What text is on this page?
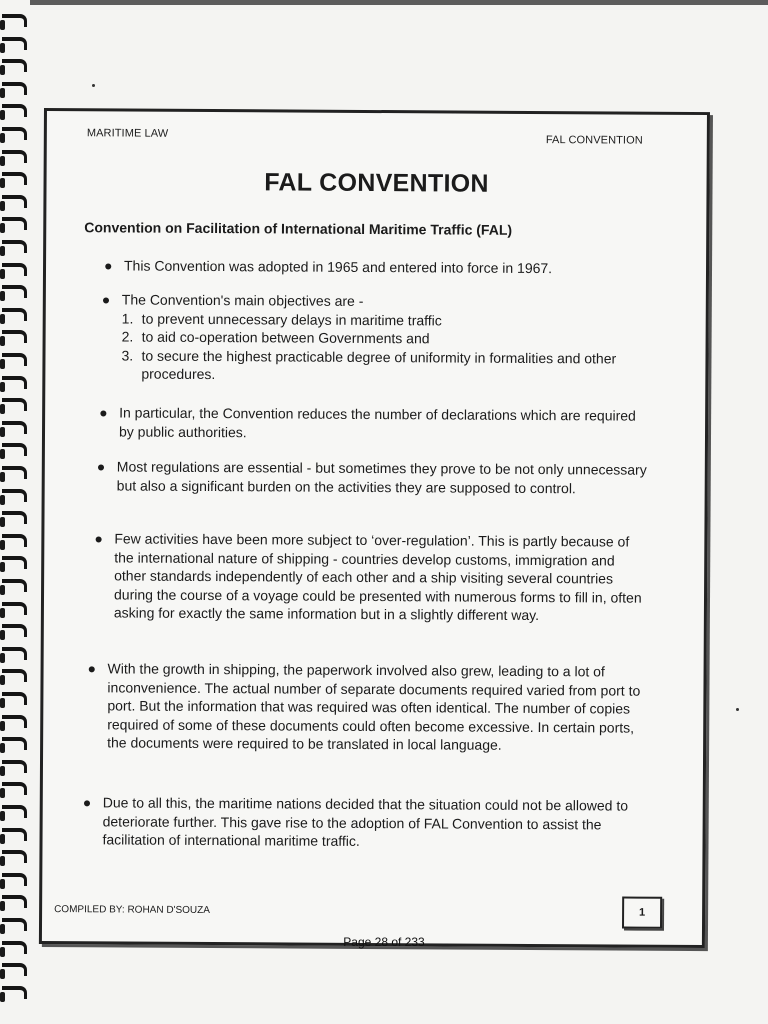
MARITIME LAW
FAL CONVENTION
FAL CONVENTION
Convention on Facilitation of International Maritime Traffic (FAL)
● This Convention was adopted in 1965 and entered into force in 1967.

● The Convention's main objectives are -

1. to prevent unnecessary delays in maritime traffic
2. to aid co-operation between Governments and
3. to secure the highest practicable degree of uniformity in formalities and other procedures.
● In particular, the Convention reduces the number of declarations which are required by public authorities.

● Most regulations are essential - but sometimes they prove to be not only unnecessary but also a significant burden on the activities they are supposed to control.

● Few activities have been more subject to ‘over-regulation’. This is partly because of the international nature of shipping - countries develop customs, immigration and other standards independently of each other and a ship visiting several countries during the course of a voyage could be presented with numerous forms to fill in, often asking for exactly the same information but in a slightly different way.

● With the growth in shipping, the paperwork involved also grew, leading to a lot of inconvenience. The actual number of separate documents required varied from port to port. But the information that was required was often identical. The number of copies required of some of these documents could often become excessive. In certain ports, the documents were required to be translated in local language.

● Due to all this, the maritime nations decided that the situation could not be allowed to deteriorate further. This gave rise to the adoption of FAL Convention to assist the facilitation of international maritime traffic.

COMPILED BY: ROHAN D'SOUZA	1
Page 28 of 233
